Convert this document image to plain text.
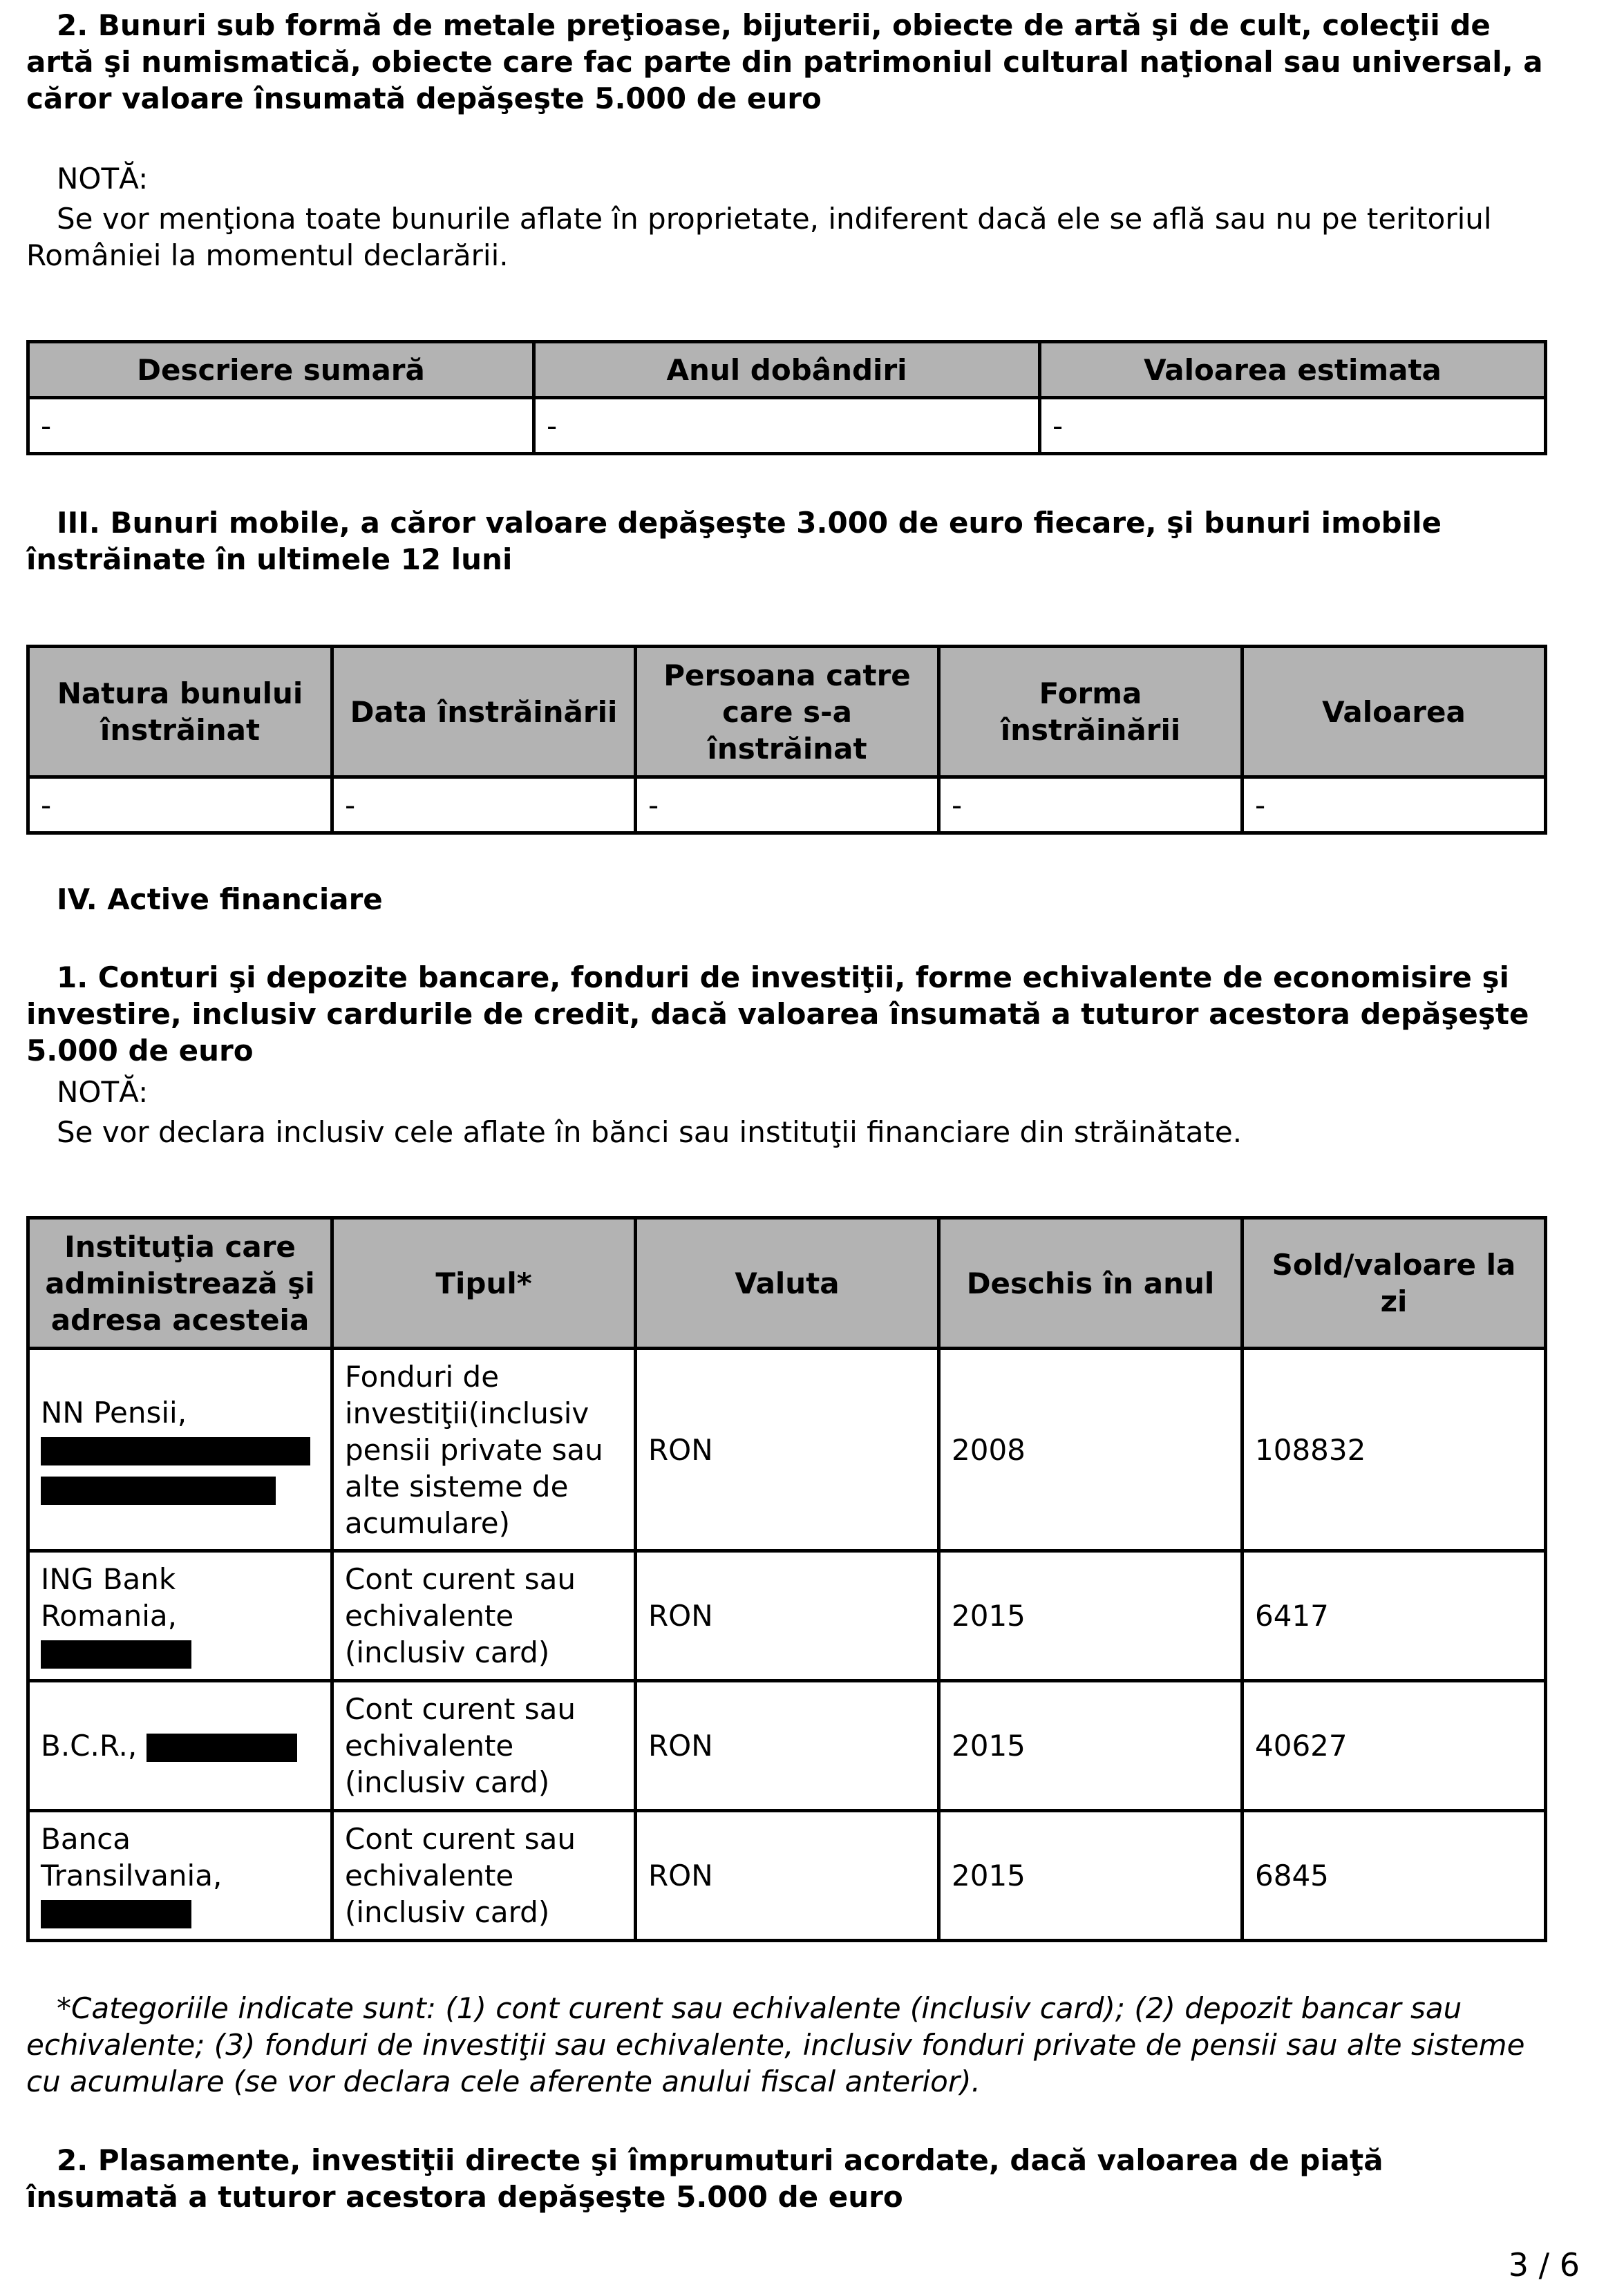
2. Bunuri sub formă de metale preţioase, bijuterii, obiecte de artă şi de cult, colecţii de artă şi numismatică, obiecte care fac parte din patrimoniul cultural naţional sau universal, a căror valoare însumată depăşeşte 5.000 de euro

NOTĂ:

Se vor menţiona toate bunurile aflate în proprietate, indiferent dacă ele se află sau nu pe teritoriul României la momentul declarării.

Descriere sumară	Anul dobândiri	Valoarea estimata
-	-	-

III. Bunuri mobile, a căror valoare depăşeşte 3.000 de euro fiecare, şi bunuri imobile înstrăinate în ultimele 12 luni

Natura bunului înstrăinat	Data înstrăinării	Persoana catre care s-a înstrăinat	Forma înstrăinării	Valoarea
-	-	-	-	-

IV. Active financiare

1. Conturi şi depozite bancare, fonduri de investiţii, forme echivalente de economisire şi investire, inclusiv cardurile de credit, dacă valoarea însumată a tuturor acestora depăşeşte 5.000 de euro

NOTĂ:

Se vor declara inclusiv cele aflate în bănci sau instituţii financiare din străinătate.

Instituţia care administrează şi adresa acesteia	Tipul*	Valuta	Deschis în anul	Sold/valoare la zi
NN Pensii,	Fonduri de investiţii(inclusiv pensii private sau alte sisteme de acumulare)	RON	2008	108832
ING Bank Romania,	Cont curent sau echivalente (inclusiv card)	RON	2015	6417
B.C.R.,	Cont curent sau echivalente (inclusiv card)	RON	2015	40627
Banca Transilvania,	Cont curent sau echivalente (inclusiv card)	RON	2015	6845

*Categoriile indicate sunt: (1) cont curent sau echivalente (inclusiv card); (2) depozit bancar sau echivalente; (3) fonduri de investiţii sau echivalente, inclusiv fonduri private de pensii sau alte sisteme cu acumulare (se vor declara cele aferente anului fiscal anterior).

2. Plasamente, investiţii directe şi împrumuturi acordate, dacă valoarea de piaţă însumată a tuturor acestora depăşeşte 5.000 de euro

3 / 6
